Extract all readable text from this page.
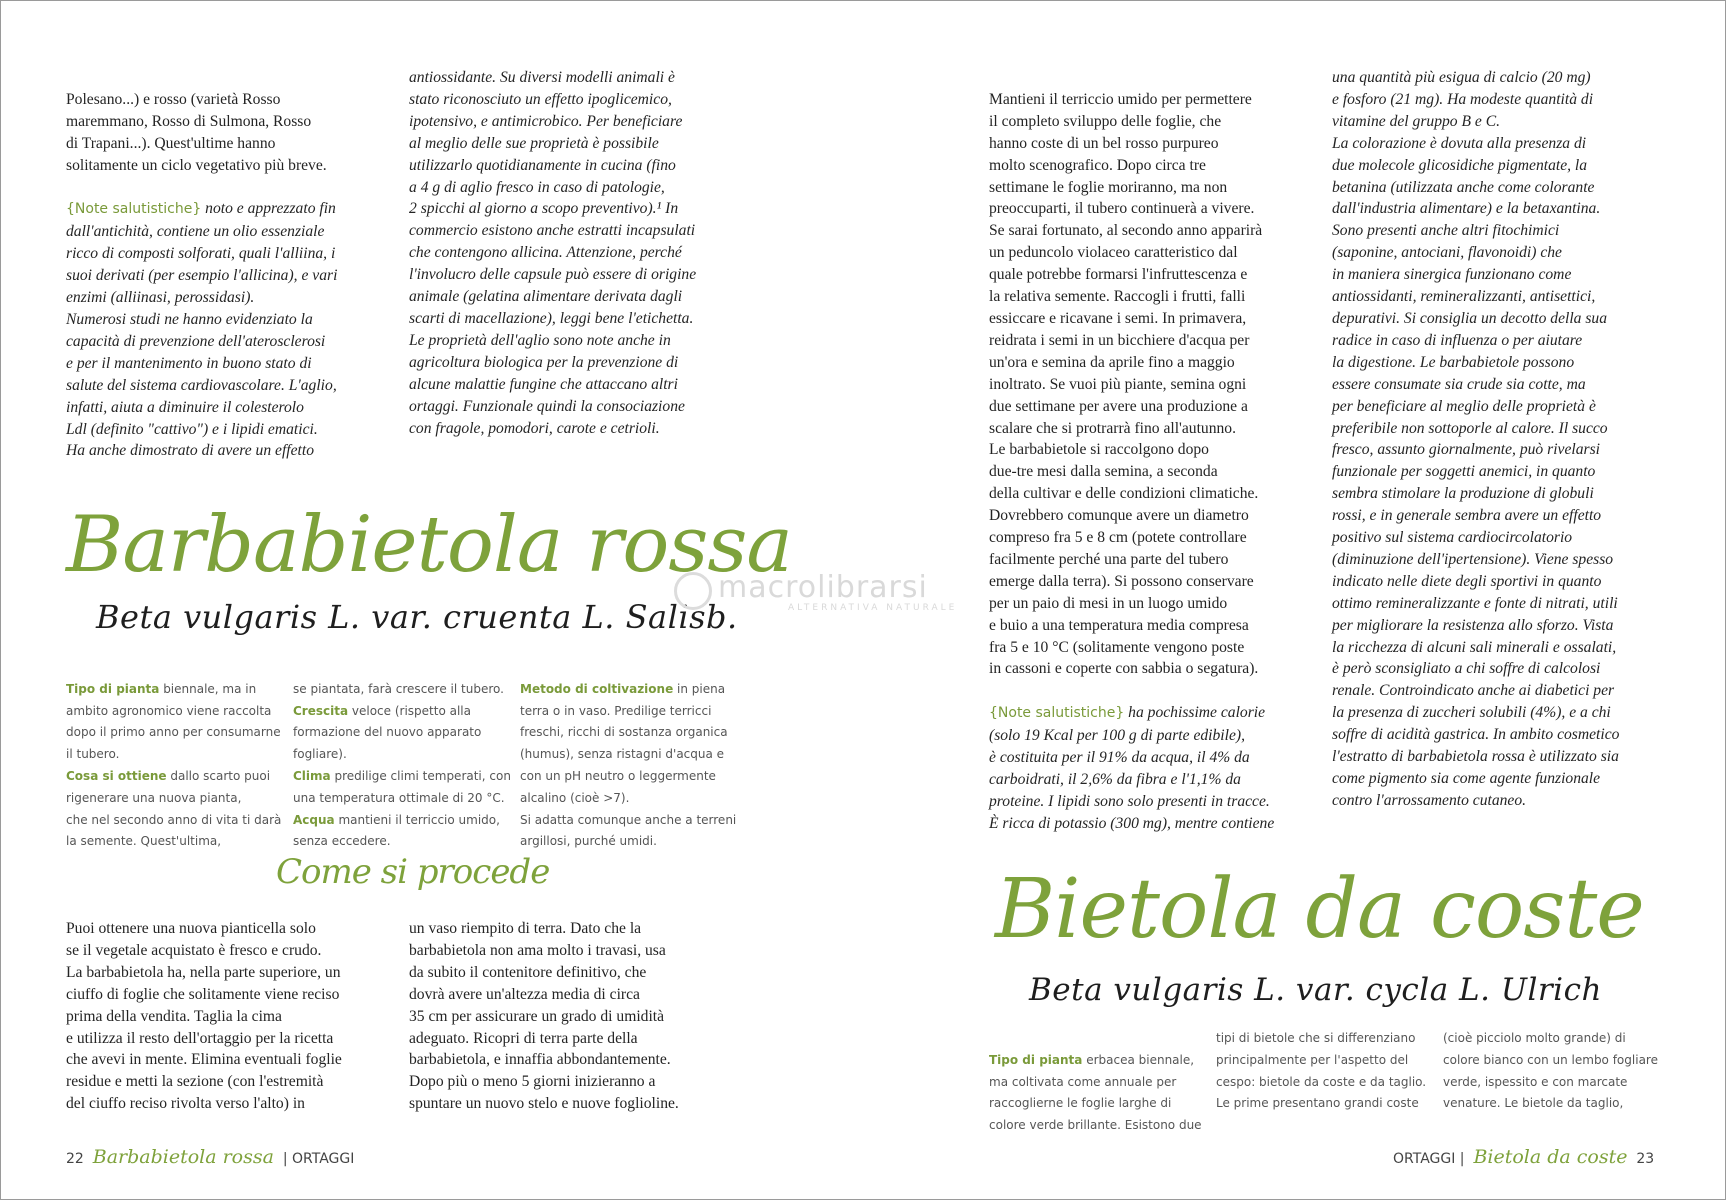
Polesano...) e rosso (varietà Rosso
maremmano, Rosso di Sulmona, Rosso
di Trapani...). Quest'ultime hanno
solitamente un ciclo vegetativo più breve.

{Note salutistiche} noto e apprezzato fin
dall'antichità, contiene un olio essenziale
ricco di composti solforati, quali l'alliina, i
suoi derivati (per esempio l'allicina), e vari
enzimi (alliinasi, perossidasi).
Numerosi studi ne hanno evidenziato la
capacità di prevenzione dell'aterosclerosi
e per il mantenimento in buono stato di
salute del sistema cardiovascolare. L'aglio,
infatti, aiuta a diminuire il colesterolo
Ldl (definito "cattivo") e i lipidi ematici.
Ha anche dimostrato di avere un effetto

antiossidante. Su diversi modelli animali è
stato riconosciuto un effetto ipoglicemico,
ipotensivo, e antimicrobico. Per beneficiare
al meglio delle sue proprietà è possibile
utilizzarlo quotidianamente in cucina (fino
a 4 g di aglio fresco in caso di patologie,
2 spicchi al giorno a scopo preventivo).¹ In
commercio esistono anche estratti incapsulati
che contengono allicina. Attenzione, perché
l'involucro delle capsule può essere di origine
animale (gelatina alimentare derivata dagli
scarti di macellazione), leggi bene l'etichetta.
Le proprietà dell'aglio sono note anche in
agricoltura biologica per la prevenzione di
alcune malattie fungine che attaccano altri
ortaggi. Funzionale quindi la consociazione
con fragole, pomodori, carote e cetrioli.
Barbabietola rossa
Beta vulgaris L. var. cruenta L. Salisb.

Tipo di pianta biennale, ma in
ambito agronomico viene raccolta
dopo il primo anno per consumarne
il tubero.
Cosa si ottiene dallo scarto puoi
rigenerare una nuova pianta,
che nel secondo anno di vita ti darà
la semente. Quest'ultima,

se piantata, farà crescere il tubero.
Crescita veloce (rispetto alla
formazione del nuovo apparato
fogliare).
Clima predilige climi temperati, con
una temperatura ottimale di 20 °C.
Acqua mantieni il terriccio umido,
senza eccedere.

Metodo di coltivazione in piena
terra o in vaso. Predilige terricci
freschi, ricchi di sostanza organica
(humus), senza ristagni d'acqua e
con un pH neutro o leggermente
alcalino (cioè >7).
Si adatta comunque anche a terreni
argillosi, purché umidi.

Come si procede
Puoi ottenere una nuova pianticella solo
se il vegetale acquistato è fresco e crudo.
La barbabietola ha, nella parte superiore, un
ciuffo di foglie che solitamente viene reciso
prima della vendita. Taglia la cima
e utilizza il resto dell'ortaggio per la ricetta
che avevi in mente. Elimina eventuali foglie
residue e metti la sezione (con l'estremità
del ciuffo reciso rivolta verso l'alto) in
un vaso riempito di terra. Dato che la
barbabietola non ama molto i travasi, usa
da subito il contenitore definitivo, che
dovrà avere un'altezza media di circa
35 cm per assicurare un grado di umidità
adeguato. Ricopri di terra parte della
barbabietola, e innaffia abbondantemente.
Dopo più o meno 5 giorni inizieranno a
spuntare un nuovo stelo e nuove foglioline.
22 Barbabietola rossa  | ORTAGGI

Mantieni il terriccio umido per permettere
il completo sviluppo delle foglie, che
hanno coste di un bel rosso purpureo
molto scenografico. Dopo circa tre
settimane le foglie moriranno, ma non
preoccuparti, il tubero continuerà a vivere.
Se sarai fortunato, al secondo anno apparirà
un peduncolo violaceo caratteristico dal
quale potrebbe formarsi l'infruttescenza e
la relativa semente. Raccogli i frutti, falli
essiccare e ricavane i semi. In primavera,
reidrata i semi in un bicchiere d'acqua per
un'ora e semina da aprile fino a maggio
inoltrato. Se vuoi più piante, semina ogni
due settimane per avere una produzione a
scalare che si protrarrà fino all'autunno.
Le barbabietole si raccolgono dopo
due-tre mesi dalla semina, a seconda
della cultivar e delle condizioni climatiche.
Dovrebbero comunque avere un diametro
compreso fra 5 e 8 cm (potete controllare
facilmente perché una parte del tubero
emerge dalla terra). Si possono conservare
per un paio di mesi in un luogo umido
e buio a una temperatura media compresa
fra 5 e 10 °C (solitamente vengono poste
in cassoni e coperte con sabbia o segatura).

{Note salutistiche} ha pochissime calorie
(solo 19 Kcal per 100 g di parte edibile),
è costituita per il 91% da acqua, il 4% da
carboidrati, il 2,6% da fibra e l'1,1% da
proteine. I lipidi sono solo presenti in tracce.
È ricca di potassio (300 mg), mentre contiene

una quantità più esigua di calcio (20 mg)
e fosforo (21 mg). Ha modeste quantità di
vitamine del gruppo B e C.
La colorazione è dovuta alla presenza di
due molecole glicosidiche pigmentate, la
betanina (utilizzata anche come colorante
dall'industria alimentare) e la betaxantina.
Sono presenti anche altri fitochimici
(saponine, antociani, flavonoidi) che
in maniera sinergica funzionano come
antiossidanti, remineralizzanti, antisettici,
depurativi. Si consiglia un decotto della sua
radice in caso di influenza o per aiutare
la digestione. Le barbabietole possono
essere consumate sia crude sia cotte, ma
per beneficiare al meglio delle proprietà è
preferibile non sottoporle al calore. Il succo
fresco, assunto giornalmente, può rivelarsi
funzionale per soggetti anemici, in quanto
sembra stimolare la produzione di globuli
rossi, e in generale sembra avere un effetto
positivo sul sistema cardiocircolatorio
(diminuzione dell'ipertensione). Viene spesso
indicato nelle diete degli sportivi in quanto
ottimo remineralizzante e fonte di nitrati, utili
per migliorare la resistenza allo sforzo. Vista
la ricchezza di alcuni sali minerali e ossalati,
è però sconsigliato a chi soffre di calcolosi
renale. Controindicato anche ai diabetici per
la presenza di zuccheri solubili (4%), e a chi
soffre di acidità gastrica. In ambito cosmetico
l'estratto di barbabietola rossa è utilizzato sia
come pigmento sia come agente funzionale
contro l'arrossamento cutaneo.
Bietola da coste
Beta vulgaris L. var. cycla L. Ulrich

Tipo di pianta erbacea biennale,
ma coltivata come annuale per
raccoglierne le foglie larghe di
colore verde brillante. Esistono due

tipi di bietole che si differenziano
principalmente per l'aspetto del
cespo: bietole da coste e da taglio.
Le prime presentano grandi coste
(cioè picciolo molto grande) di
colore bianco con un lembo fogliare
verde, ispessito e con marcate
venature. Le bietole da taglio,
ORTAGGI |  Bietola da coste 23
macrolibrarsi
ALTERNATIVA NATURALE
